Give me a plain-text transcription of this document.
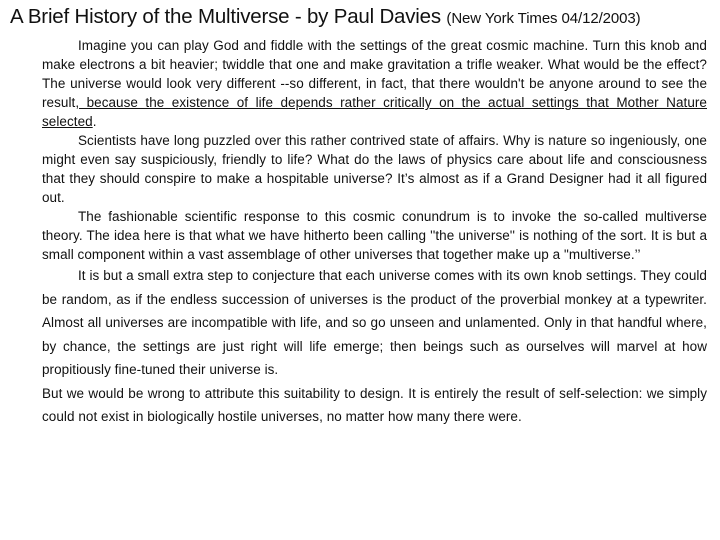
A Brief History of the Multiverse - by Paul Davies (New York Times 04/12/2003)

Imagine you can play God and fiddle with the settings of the great cosmic machine. Turn this knob and make electrons a bit heavier; twiddle that one and make gravitation a trifle weaker. What would be the effect? The universe would look very different --so different, in fact, that there wouldn't be anyone around to see the result, because the existence of life depends rather critically on the actual settings that Mother Nature selected.

Scientists have long puzzled over this rather contrived state of affairs. Why is nature so ingeniously, one might even say suspiciously, friendly to life? What do the laws of physics care about life and consciousness that they should conspire to make a hospitable universe? It’s almost as if a Grand Designer had it all figured out.

The fashionable scientific response to this cosmic conundrum is to invoke the so-called multiverse theory. The idea here is that what we have hitherto been calling ''the universe'' is nothing of the sort. It is but a small component within a vast assemblage of other universes that together make up a "multiverse.’’

It is but a small extra step to conjecture that each universe comes with its own knob settings. They could be random, as if the endless succession of universes is the product of the proverbial monkey at a typewriter. Almost all universes are incompatible with life, and so go unseen and unlamented. Only in that handful where, by chance, the settings are just right will life emerge; then beings such as ourselves will marvel at how propitiously fine-tuned their universe is.

But we would be wrong to attribute this suitability to design. It is entirely the result of self-selection: we simply could not exist in biologically hostile universes, no matter how many there were.
